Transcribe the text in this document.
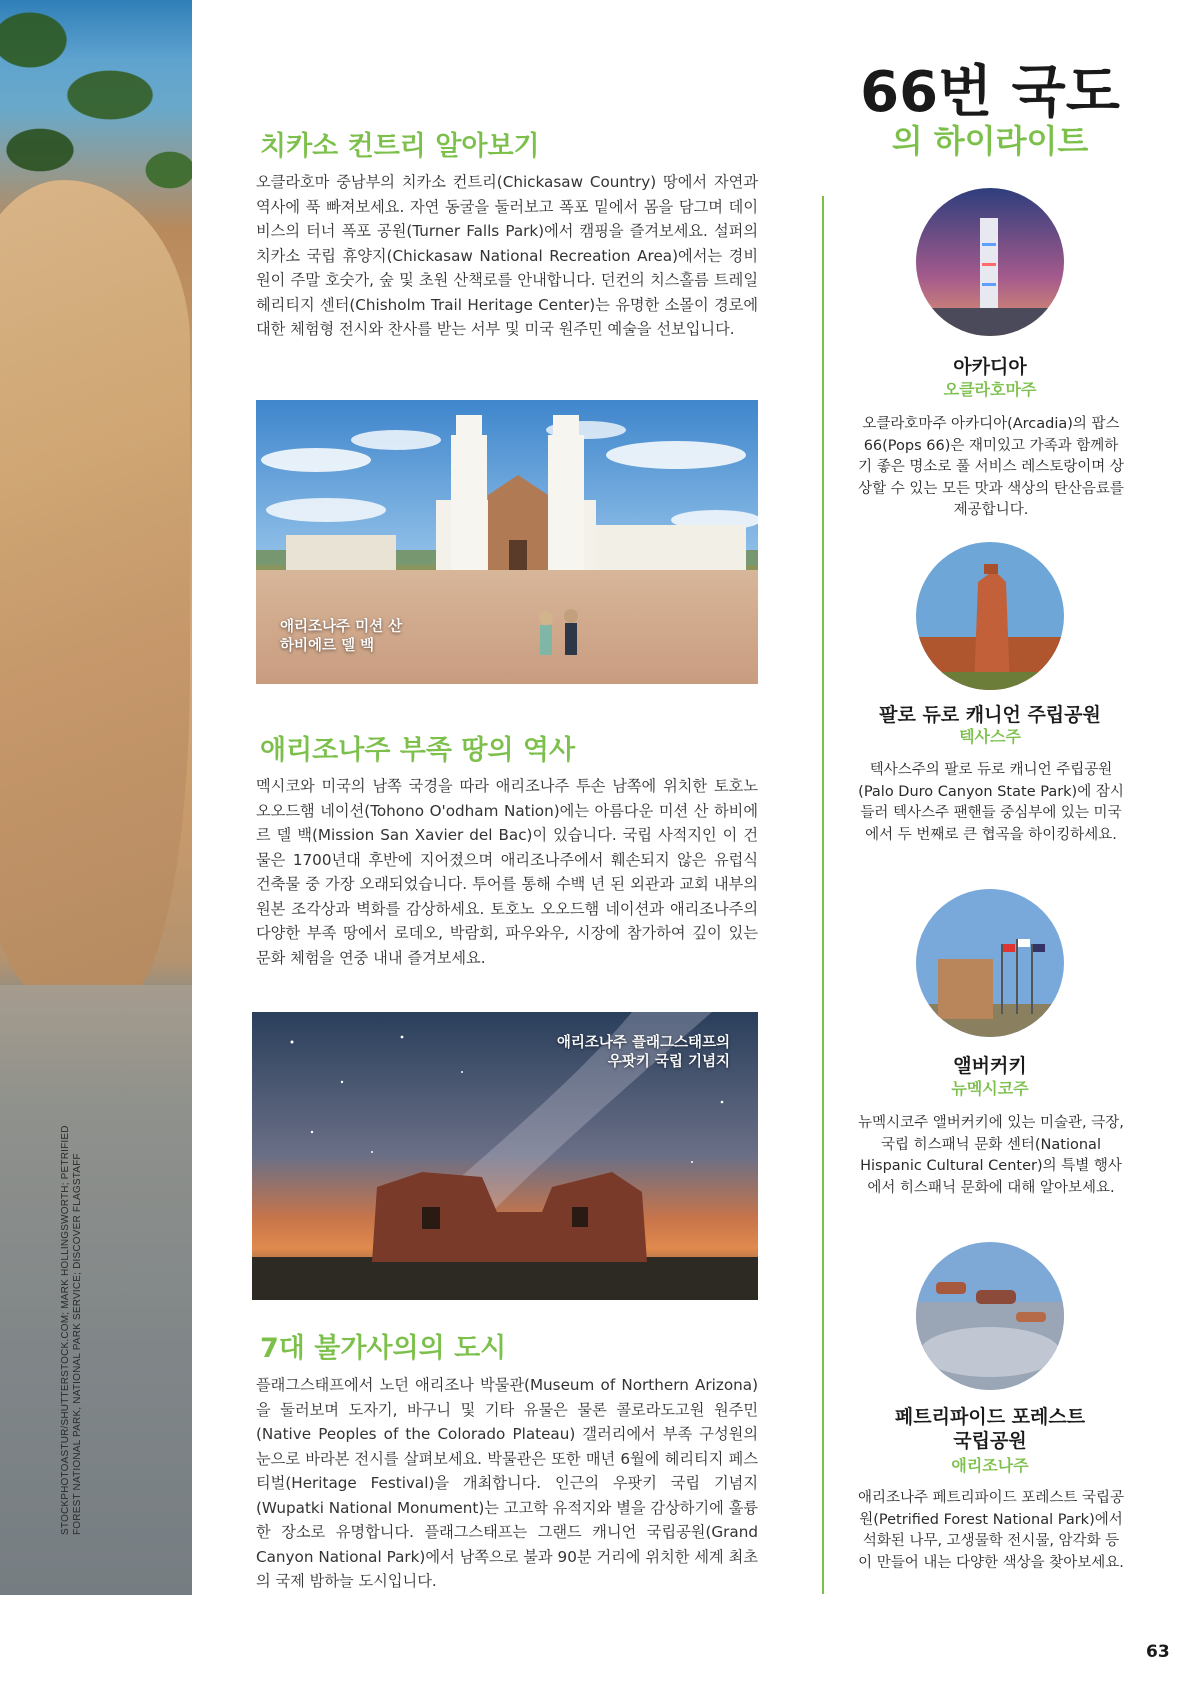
STOCKPHOTOASTUR/SHUTTERSTOCK.COM; MARK HOLLINGSWORTH; PETRIFIED FOREST NATIONAL PARK, NATIONAL PARK SERVICE; DISCOVER FLAGSTAFF
치카소 컨트리 알아보기

오클라호마 중남부의 치카소 컨트리(Chickasaw Country) 땅에서 자연과 역사에 푹 빠져보세요. 자연 동굴을 둘러보고 폭포 밑에서 몸을 담그며 데이비스의 터너 폭포 공원(Turner Falls Park)에서 캠핑을 즐겨보세요. 설퍼의 치카소 국립 휴양지(Chickasaw National Recreation Area)에서는 경비원이 주말 호숫가, 숲 및 초원 산책로를 안내합니다. 던컨의 치스홀름 트레일 헤리티지 센터(Chisholm Trail Heritage Center)는 유명한 소몰이 경로에 대한 체험형 전시와 찬사를 받는 서부 및 미국 원주민 예술을 선보입니다.

애리조나주 미션 산
하비에르 델 백
애리조나주 부족 땅의 역사

멕시코와 미국의 남쪽 국경을 따라 애리조나주 투손 남쪽에 위치한 토호노 오오드햄 네이션(Tohono O'odham Nation)에는 아름다운 미션 산 하비에르 델 백(Mission San Xavier del Bac)이 있습니다. 국립 사적지인 이 건물은 1700년대 후반에 지어졌으며 애리조나주에서 훼손되지 않은 유럽식 건축물 중 가장 오래되었습니다. 투어를 통해 수백 년 된 외관과 교회 내부의 원본 조각상과 벽화를 감상하세요. 토호노 오오드햄 네이션과 애리조나주의 다양한 부족 땅에서 로데오, 박람회, 파우와우, 시장에 참가하여 깊이 있는 문화 체험을 연중 내내 즐겨보세요.

애리조나주 플래그스태프의
우팟키 국립 기념지
7대 불가사의의 도시

플래그스태프에서 노던 애리조나 박물관(Museum of Northern Arizona)을 둘러보며 도자기, 바구니 및 기타 유물은 물론 콜로라도고원 원주민(Native Peoples of the Colorado Plateau) 갤러리에서 부족 구성원의 눈으로 바라본 전시를 살펴보세요. 박물관은 또한 매년 6월에 헤리티지 페스티벌(Heritage Festival)을 개최합니다. 인근의 우팟키 국립 기념지(Wupatki National Monument)는 고고학 유적지와 별을 감상하기에 훌륭한 장소로 유명합니다. 플래그스태프는 그랜드 캐니언 국립공원(Grand Canyon National Park)에서 남쪽으로 불과 90분 거리에 위치한 세계 최초의 국제 밤하늘 도시입니다.

66번 국도
의 하이라이트
아카디아
오클라호마주

오클라호마주 아카디아(Arcadia)의 팝스 66(Pops 66)은 재미있고 가족과 함께하기 좋은 명소로 풀 서비스 레스토랑이며 상상할 수 있는 모든 맛과 색상의 탄산음료를 제공합니다.

팔로 듀로 캐니언 주립공원
텍사스주

텍사스주의 팔로 듀로 캐니언 주립공원(Palo Duro Canyon State Park)에 잠시 들러 텍사스주 팬핸들 중심부에 있는 미국에서 두 번째로 큰 협곡을 하이킹하세요.

앨버커키
뉴멕시코주

뉴멕시코주 앨버커키에 있는 미술관, 극장, 국립 히스패닉 문화 센터(National Hispanic Cultural Center)의 특별 행사에서 히스패닉 문화에 대해 알아보세요.

페트리파이드 포레스트
국립공원
애리조나주

애리조나주 페트리파이드 포레스트 국립공원(Petrified Forest National Park)에서 석화된 나무, 고생물학 전시물, 암각화 등이 만들어 내는 다양한 색상을 찾아보세요.

63
